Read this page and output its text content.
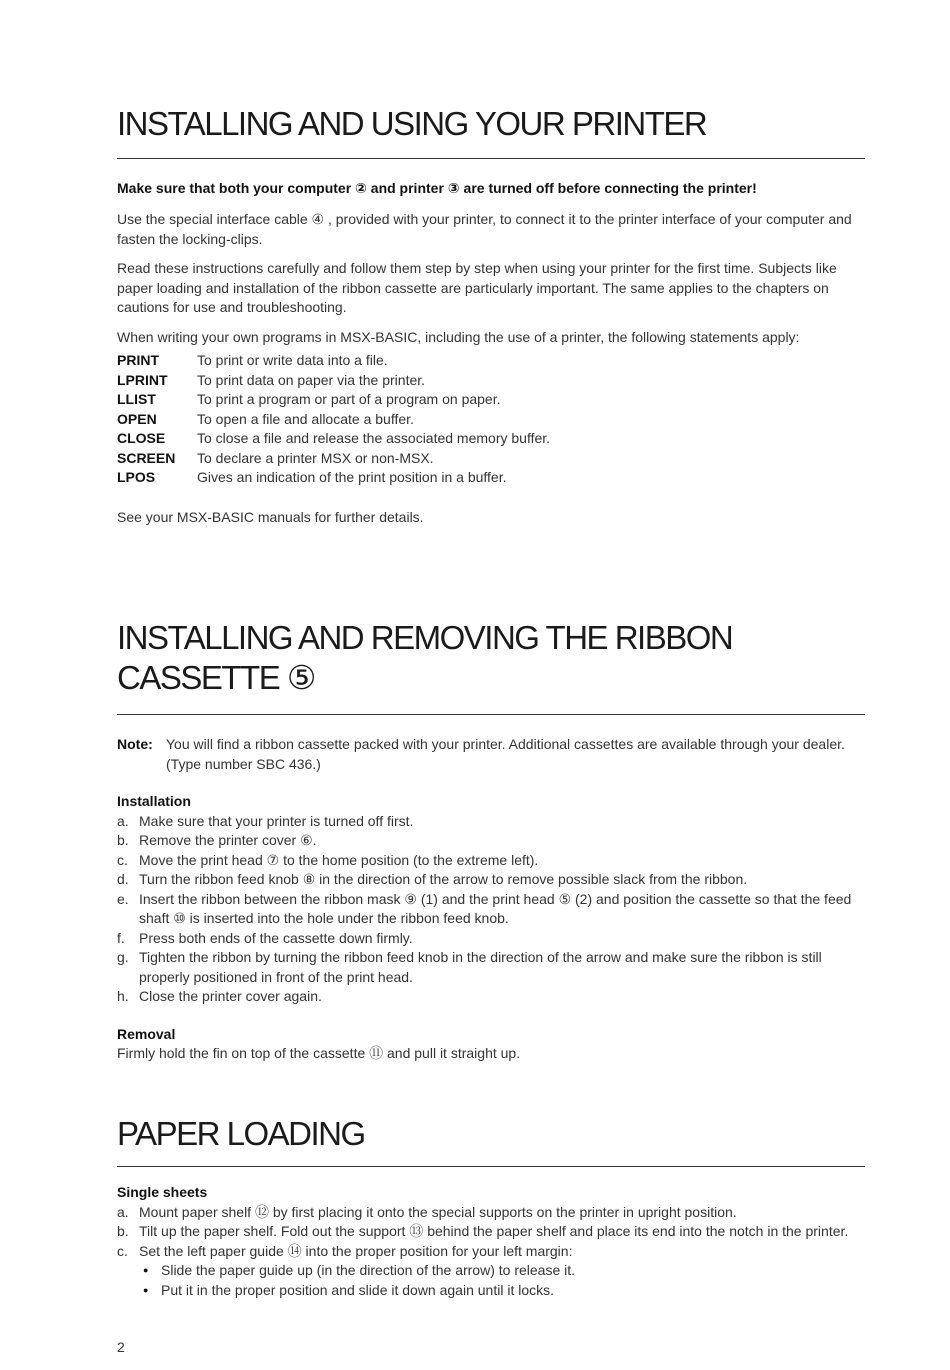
INSTALLING AND USING YOUR PRINTER

Make sure that both your computer ② and printer ③ are turned off before connecting the printer!

Use the special interface cable ④ , provided with your printer, to connect it to the printer interface of your computer and fasten the locking-clips.

Read these instructions carefully and follow them step by step when using your printer for the first time. Subjects like paper loading and installation of the ribbon cassette are particularly important. The same applies to the chapters on cautions for use and troubleshooting.

When writing your own programs in MSX-BASIC, including the use of a printer, the following statements apply:

PRINT	To print or write data into a file.
LPRINT	To print data on paper via the printer.
LLIST	To print a program or part of a program on paper.
OPEN	To open a file and allocate a buffer.
CLOSE	To close a file and release the associated memory buffer.
SCREEN	To declare a printer MSX or non-MSX.
LPOS	Gives an indication of the print position in a buffer.

See your MSX-BASIC manuals for further details.

INSTALLING AND REMOVING THE RIBBON
CASSETTE ⑤
Note: You will find a ribbon cassette packed with your printer. Additional cassettes are available through your dealer. (Type number SBC 436.)

Installation

a. Make sure that your printer is turned off first.
b. Remove the printer cover ⑥.
c. Move the print head ⑦ to the home position (to the extreme left).
d. Turn the ribbon feed knob ⑧ in the direction of the arrow to remove possible slack from the ribbon.
e. Insert the ribbon between the ribbon mask ⑨ (1) and the print head ⑤ (2) and position the cassette so that the feed shaft ⑩ is inserted into the hole under the ribbon feed knob.
f. Press both ends of the cassette down firmly.
g. Tighten the ribbon by turning the ribbon feed knob in the direction of the arrow and make sure the ribbon is still properly positioned in front of the print head.
h. Close the printer cover again.

Removal

Firmly hold the fin on top of the cassette ⑪ and pull it straight up.

PAPER LOADING

Single sheets

a. Mount paper shelf ⑫ by first placing it onto the special supports on the printer in upright position.
b. Tilt up the paper shelf. Fold out the support ⑬ behind the paper shelf and place its end into the notch in the printer.
c. Set the left paper guide ⑭ into the proper position for your left margin:
● Slide the paper guide up (in the direction of the arrow) to release it.
● Put it in the proper position and slide it down again until it locks.
2
